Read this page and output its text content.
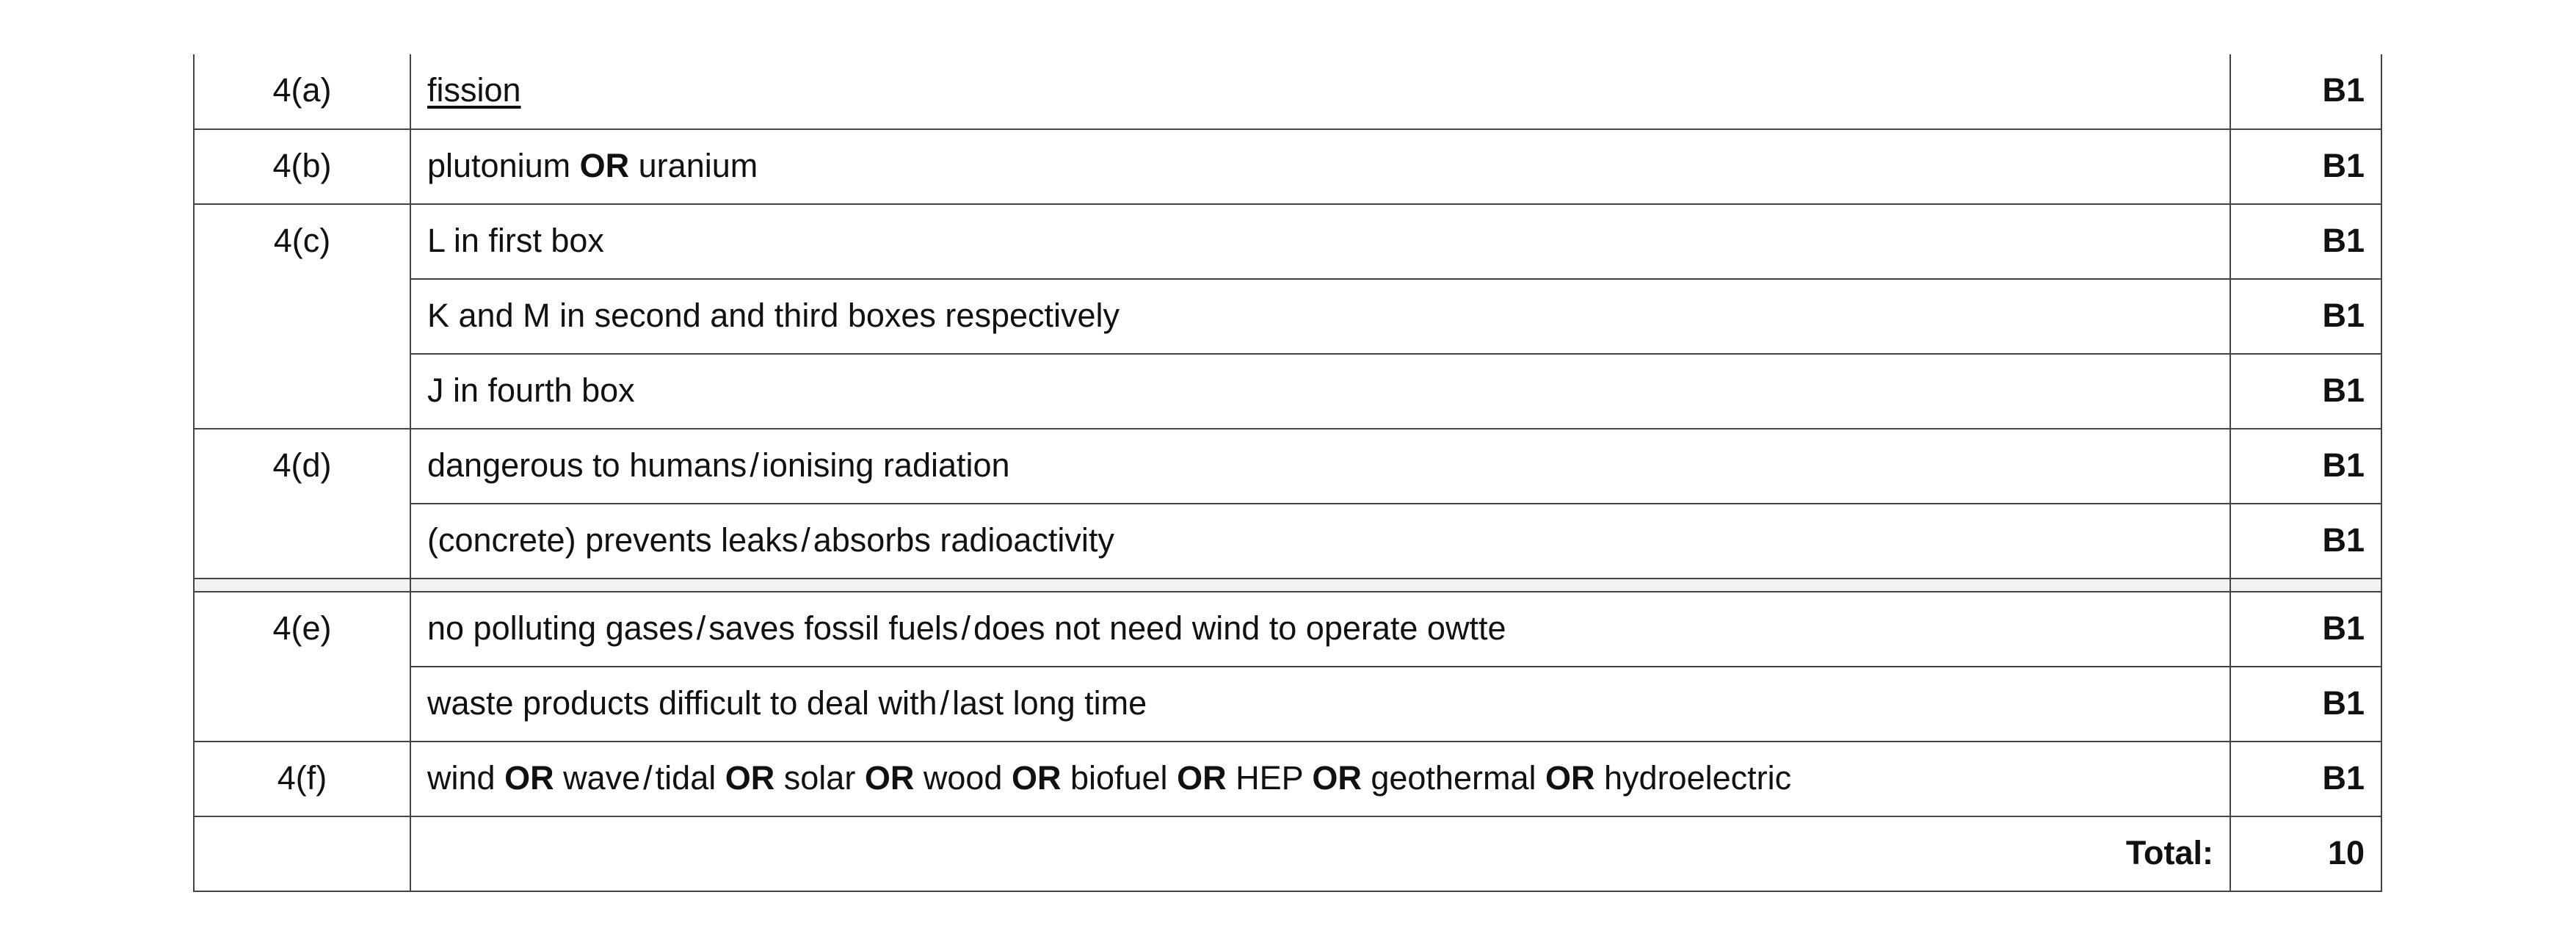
4(a)	fission	B1

4(b)	plutonium OR uranium	B1

4(c)	L in first box	B1

	K and M in second and third boxes respectively	B1

	J in fourth box	B1

4(d)	dangerous to humans/ionising radiation	B1

	(concrete) prevents leaks/absorbs radioactivity	B1

4(e)	no polluting gases/saves fossil fuels/does not need wind to operate owtte	B1

	waste products difficult to deal with/last long time	B1

4(f)	wind OR wave/tidal OR solar OR wood OR biofuel OR HEP OR geothermal OR hydroelectric	B1

	Total:	10
